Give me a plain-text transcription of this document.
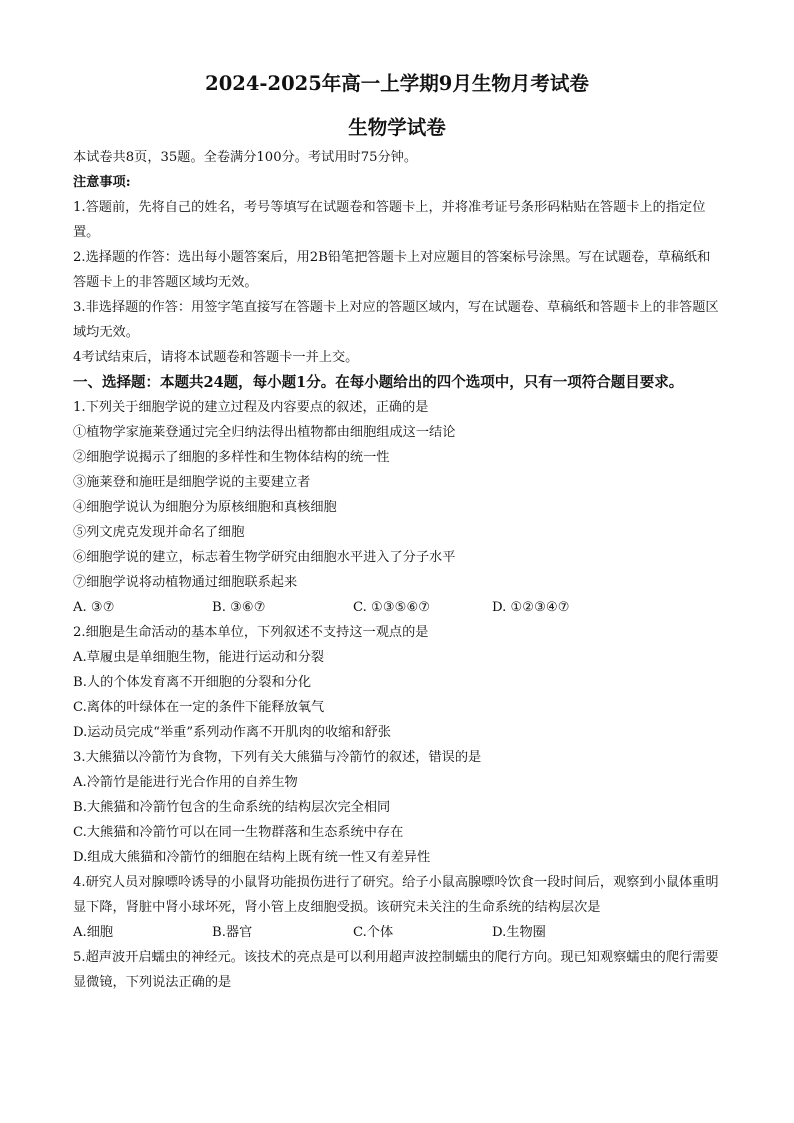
2024-2025年高一上学期9月生物月考试卷
生物学试卷
本试卷共8页，35题。全卷满分100分。考试用时75分钟。
注意事项:
1.答题前，先将自己的姓名，考号等填写在试题卷和答题卡上，并将准考证号条形码粘贴在答题卡上的指定位置。
2.选择题的作答：选出每小题答案后，用2B铅笔把答题卡上对应题目的答案标号涂黑。写在试题卷，草稿纸和答题卡上的非答题区域均无效。
3.非选择题的作答：用签字笔直接写在答题卡上对应的答题区域内，写在试题卷、草稿纸和答题卡上的非答题区域均无效。
4考试结束后，请将本试题卷和答题卡一并上交。
一、选择题：本题共24题，每小题1分。在每小题给出的四个选项中，只有一项符合题目要求。
1.下列关于细胞学说的建立过程及内容要点的叙述，正确的是
①植物学家施莱登通过完全归纳法得出植物都由细胞组成这一结论
②细胞学说揭示了细胞的多样性和生物体结构的统一性
③施莱登和施旺是细胞学说的主要建立者
④细胞学说认为细胞分为原核细胞和真核细胞
⑤列文虎克发现并命名了细胞
⑥细胞学说的建立，标志着生物学研究由细胞水平进入了分子水平
⑦细胞学说将动植物通过细胞联系起来
A. ③⑦	B. ③⑥⑦	C. ①③⑤⑥⑦	D. ①②③④⑦
2.细胞是生命活动的基本单位，下列叙述不支持这一观点的是
A.草履虫是单细胞生物，能进行运动和分裂
B.人的个体发育离不开细胞的分裂和分化
C.离体的叶绿体在一定的条件下能释放氧气
D.运动员完成“举重”系列动作离不开肌肉的收缩和舒张
3.大熊猫以冷箭竹为食物，下列有关大熊猫与冷箭竹的叙述，错误的是
A.冷箭竹是能进行光合作用的自养生物
B.大熊猫和冷箭竹包含的生命系统的结构层次完全相同
C.大熊猫和冷箭竹可以在同一生物群落和生态系统中存在
D.组成大熊猫和冷箭竹的细胞在结构上既有统一性又有差异性
4.研究人员对腺嘌呤诱导的小鼠肾功能损伤进行了研究。给子小鼠高腺嘌呤饮食一段时间后，观察到小鼠体重明显下降，肾脏中肾小球坏死，肾小管上皮细胞受损。该研究未关注的生命系统的结构层次是
A.细胞	B.器官	C.个体	D.生物圈
5.超声波开启蠕虫的神经元。该技术的亮点是可以利用超声波控制蠕虫的爬行方向。现已知观察蠕虫的爬行需要显微镜，下列说法正确的是
